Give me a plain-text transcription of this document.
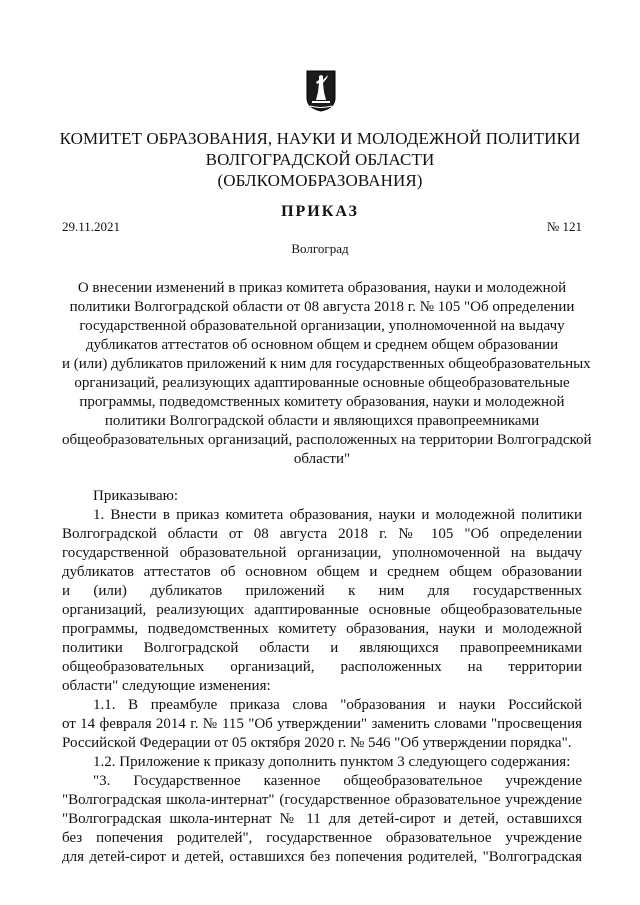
КОМИТЕТ ОБРАЗОВАНИЯ, НАУКИ И МОЛОДЕЖНОЙ ПОЛИТИКИ
ВОЛГОГРАДСКОЙ ОБЛАСТИ
(ОБЛКОМОБРАЗОВАНИЯ)
ПРИКАЗ
29.11.2021	№ 121
Волгоград
О внесении изменений в приказ комитета образования, науки и молодежной
политики Волгоградской области от 08 августа 2018 г. № 105 "Об определении
государственной образовательной организации, уполномоченной на выдачу
дубликатов аттестатов об основном общем и среднем общем образовании
и (или) дубликатов приложений к ним для государственных общеобразовательных
организаций, реализующих адаптированные основные общеобразовательные
программы, подведомственных комитету образования, науки и молодежной
политики Волгоградской области и являющихся правопреемниками
общеобразовательных организаций, расположенных на территории Волгоградской
области"
Приказываю:
1. Внести в приказ комитета образования, науки и молодежной политики
Волгоградской области от 08 августа 2018 г. № 105 "Об определении
государственной образовательной организации, уполномоченной на выдачу
дубликатов аттестатов об основном общем и среднем общем образовании
и (или) дубликатов приложений к ним для государственных
организаций, реализующих адаптированные основные общеобразовательные
программы, подведомственных комитету образования, науки и молодежной
политики Волгоградской области и являющихся правопреемниками
общеобразовательных организаций, расположенных на территории
области" следующие изменения:
1.1. В преамбуле приказа слова "образования и науки Российской
от 14 февраля 2014 г. № 115 "Об утверждении" заменить словами "просвещения
Российской Федерации от 05 октября 2020 г. № 546 "Об утверждении порядка".
1.2. Приложение к приказу дополнить пунктом 3 следующего содержания:
"3. Государственное казенное общеобразовательное учреждение
"Волгоградская школа-интернат" (государственное образовательное учреждение
"Волгоградская школа-интернат № 11 для детей-сирот и детей, оставшихся
без попечения родителей", государственное образовательное учреждение
для детей-сирот и детей, оставшихся без попечения родителей, "Волгоградская
